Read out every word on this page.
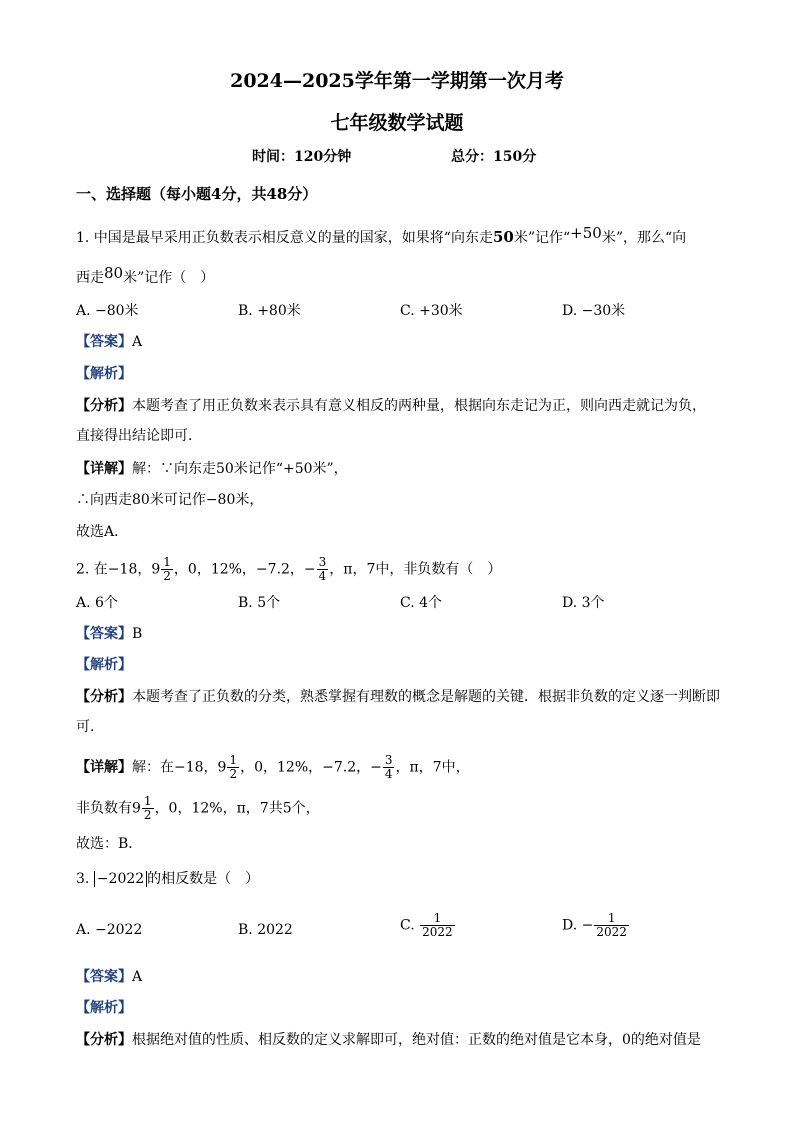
2024—2025学年第一学期第一次月考
七年级数学试题
时间：120分钟	总分：150分
一、选择题（每小题4分，共48分）
1. 中国是最早采用正负数表示相反意义的量的国家，如果将“向东走50米”记作“+50米”，那么“向
西走80米”记作（　）
A. −80米	B. +80米	C. +30米	D. −30米
【答案】A
【解析】
【分析】本题考查了用正负数来表示具有意义相反的两种量，根据向东走记为正，则向西走就记为负，
直接得出结论即可．
【详解】解：∵向东走50米记作“+50米”，
∴向西走80米可记作−80米，
故选A．
2. 在−18，$9 \frac{1}{2}$ ，0，12%，−7.2，− $\frac{3}{4}$ ，π，7中，非负数有（　）
A. 6个	B. 5个	C. 4个	D. 3个
【答案】B
【解析】
【分析】本题考查了正负数的分类，熟悉掌握有理数的概念是解题的关键．根据非负数的定义逐一判断即
可．
【详解】解：在−18，$9 \frac{1}{2}$ ，0，12%，−7.2，− $\frac{3}{4}$ ，π，7中，
非负数有$9 \frac{1}{2}$ ，0，12%，π，7共5个，
故选：B．
3. −2022 的相反数是（　）
A. −2022	B. 2022	C. $\frac{1}{2022}$	D. − $\frac{1}{2022}$
【答案】A
【解析】
【分析】根据绝对值的性质、相反数的定义求解即可，绝对值：正数的绝对值是它本身，0的绝对值是
